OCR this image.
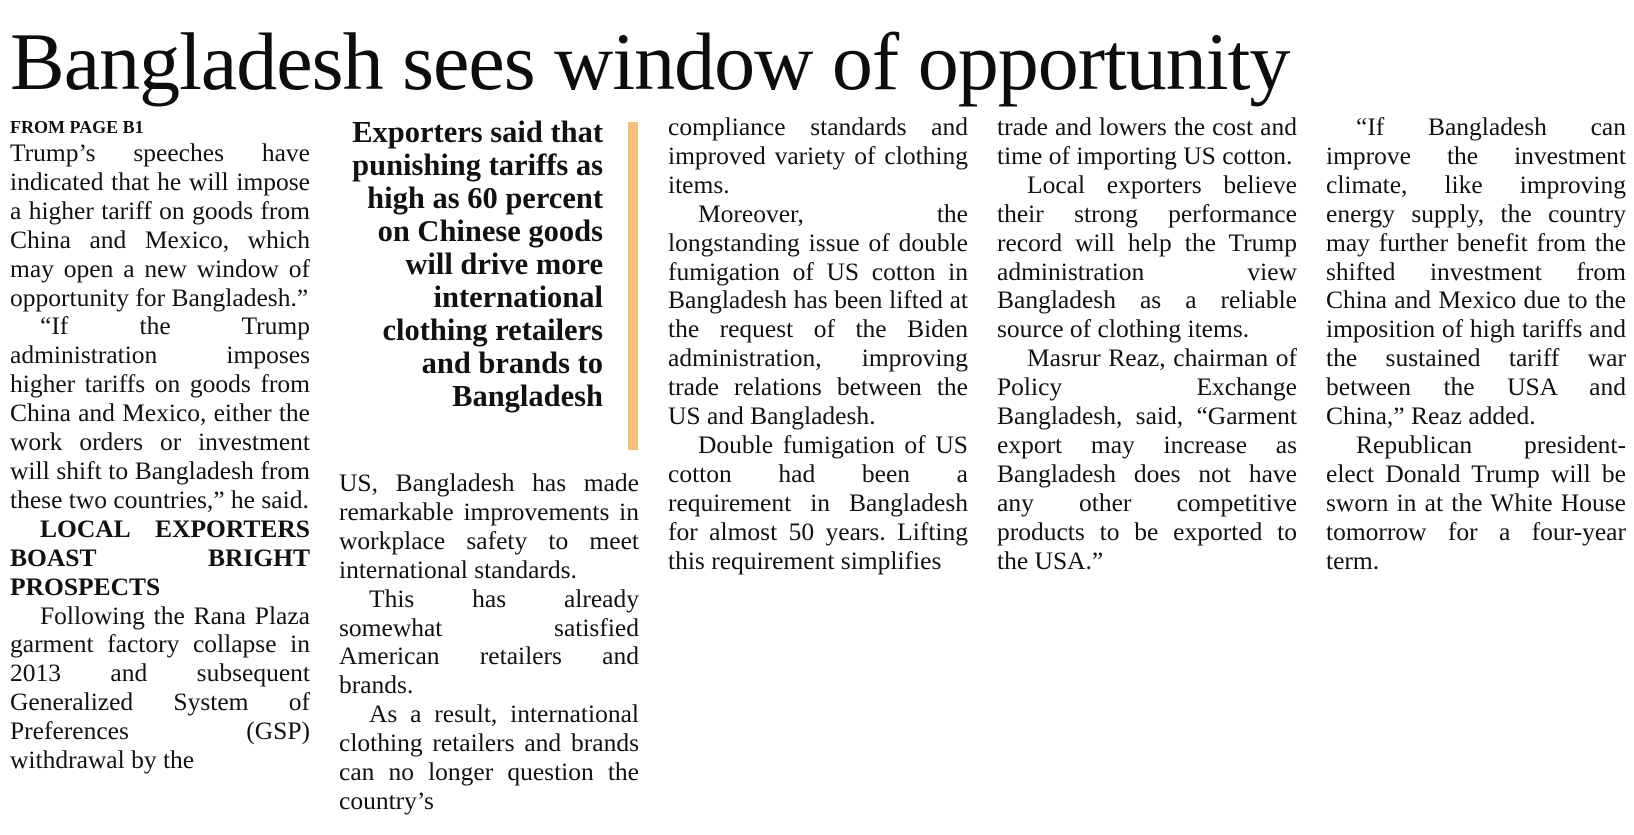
Bangladesh sees window of opportunity
FROM PAGE B1

Trump’s speeches have indicated that he will impose a higher tariff on goods from China and Mexico, which may open a new window of opportunity for Bangladesh.”

“If the Trump administration imposes higher tariffs on goods from China and Mexico, either the work orders or investment will shift to Bangladesh from these two countries,” he said.

LOCAL EXPORTERS BOAST BRIGHT PROSPECTS

Following the Rana Plaza garment factory collapse in 2013 and subsequent Generalized System of Preferences (GSP) withdrawal by the

Exporters said that punishing tariffs as high as 60 percent on Chinese goods will drive more international clothing retailers and brands to Bangladesh

US, Bangladesh has made remarkable improvements in workplace safety to meet international standards.

This has already somewhat satisfied American retailers and brands.

As a result, international clothing retailers and brands can no longer question the country’s

compliance standards and improved variety of clothing items.

Moreover, the longstanding issue of double fumigation of US cotton in Bangladesh has been lifted at the request of the Biden administration, improving trade relations between the US and Bangladesh.

Double fumigation of US cotton had been a requirement in Bangladesh for almost 50 years. Lifting this requirement simplifies

trade and lowers the cost and time of importing US cotton.

Local exporters believe their strong performance record will help the Trump administration view Bangladesh as a reliable source of clothing items.

Masrur Reaz, chairman of Policy Exchange Bangladesh, said, “Garment export may increase as Bangladesh does not have any other competitive products to be exported to the USA.”

“If Bangladesh can improve the investment climate, like improving energy supply, the country may further benefit from the shifted investment from China and Mexico due to the imposition of high tariffs and the sustained tariff war between the USA and China,” Reaz added.

Republican president-elect Donald Trump will be sworn in at the White House tomorrow for a four-year term.
